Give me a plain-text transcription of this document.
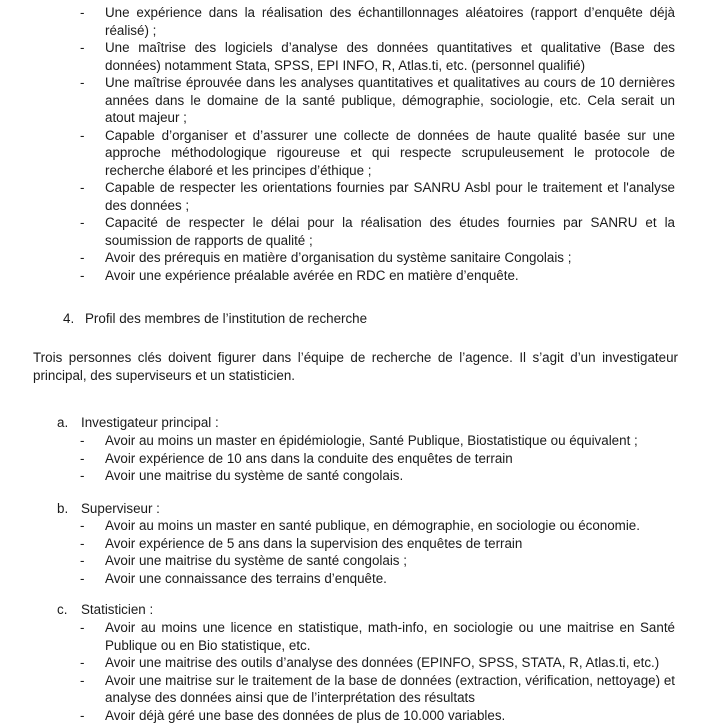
- Une expérience dans la réalisation des échantillonnages aléatoires (rapport d’enquête déjà réalisé) ;
- Une maîtrise des logiciels d’analyse des données quantitatives et qualitative (Base des données) notamment Stata, SPSS, EPI INFO, R, Atlas.ti, etc. (personnel qualifié)
- Une maîtrise éprouvée dans les analyses quantitatives et qualitatives au cours de 10 dernières années dans le domaine de la santé publique, démographie, sociologie, etc. Cela serait un atout majeur ;
- Capable d’organiser et d’assurer une collecte de données de haute qualité basée sur une approche méthodologique rigoureuse et qui respecte scrupuleusement le protocole de recherche élaboré et les principes d’éthique ;
- Capable de respecter les orientations fournies par SANRU Asbl pour le traitement et l'analyse des données ;
- Capacité de respecter le délai pour la réalisation des études fournies par SANRU et la soumission de rapports de qualité ;
- Avoir des prérequis en matière d’organisation du système sanitaire Congolais ;
- Avoir une expérience préalable avérée en RDC en matière d’enquête.
4. Profil des membres de l’institution de recherche
Trois personnes clés doivent figurer dans l’équipe de recherche de l’agence. Il s’agit d’un investigateur principal, des superviseurs et un statisticien.
a. Investigateur principal :
- Avoir au moins un master en épidémiologie, Santé Publique, Biostatistique ou équivalent ;
- Avoir expérience de 10 ans dans la conduite des enquêtes de terrain
- Avoir une maitrise du système de santé congolais.
b. Superviseur :
- Avoir au moins un master en santé publique, en démographie, en sociologie ou économie.
- Avoir expérience de 5 ans dans la supervision des enquêtes de terrain
- Avoir une maitrise du système de santé congolais ;
- Avoir une connaissance des terrains d’enquête.
c. Statisticien :
- Avoir au moins une licence en statistique, math-info, en sociologie ou une maitrise en Santé Publique ou en Bio statistique, etc.
- Avoir une maitrise des outils d’analyse des données (EPINFO, SPSS, STATA, R, Atlas.ti, etc.)
- Avoir une maitrise sur le traitement de la base de données (extraction, vérification, nettoyage) et analyse des données ainsi que de l’interprétation des résultats
- Avoir déjà géré une base des données de plus de 10.000 variables.
